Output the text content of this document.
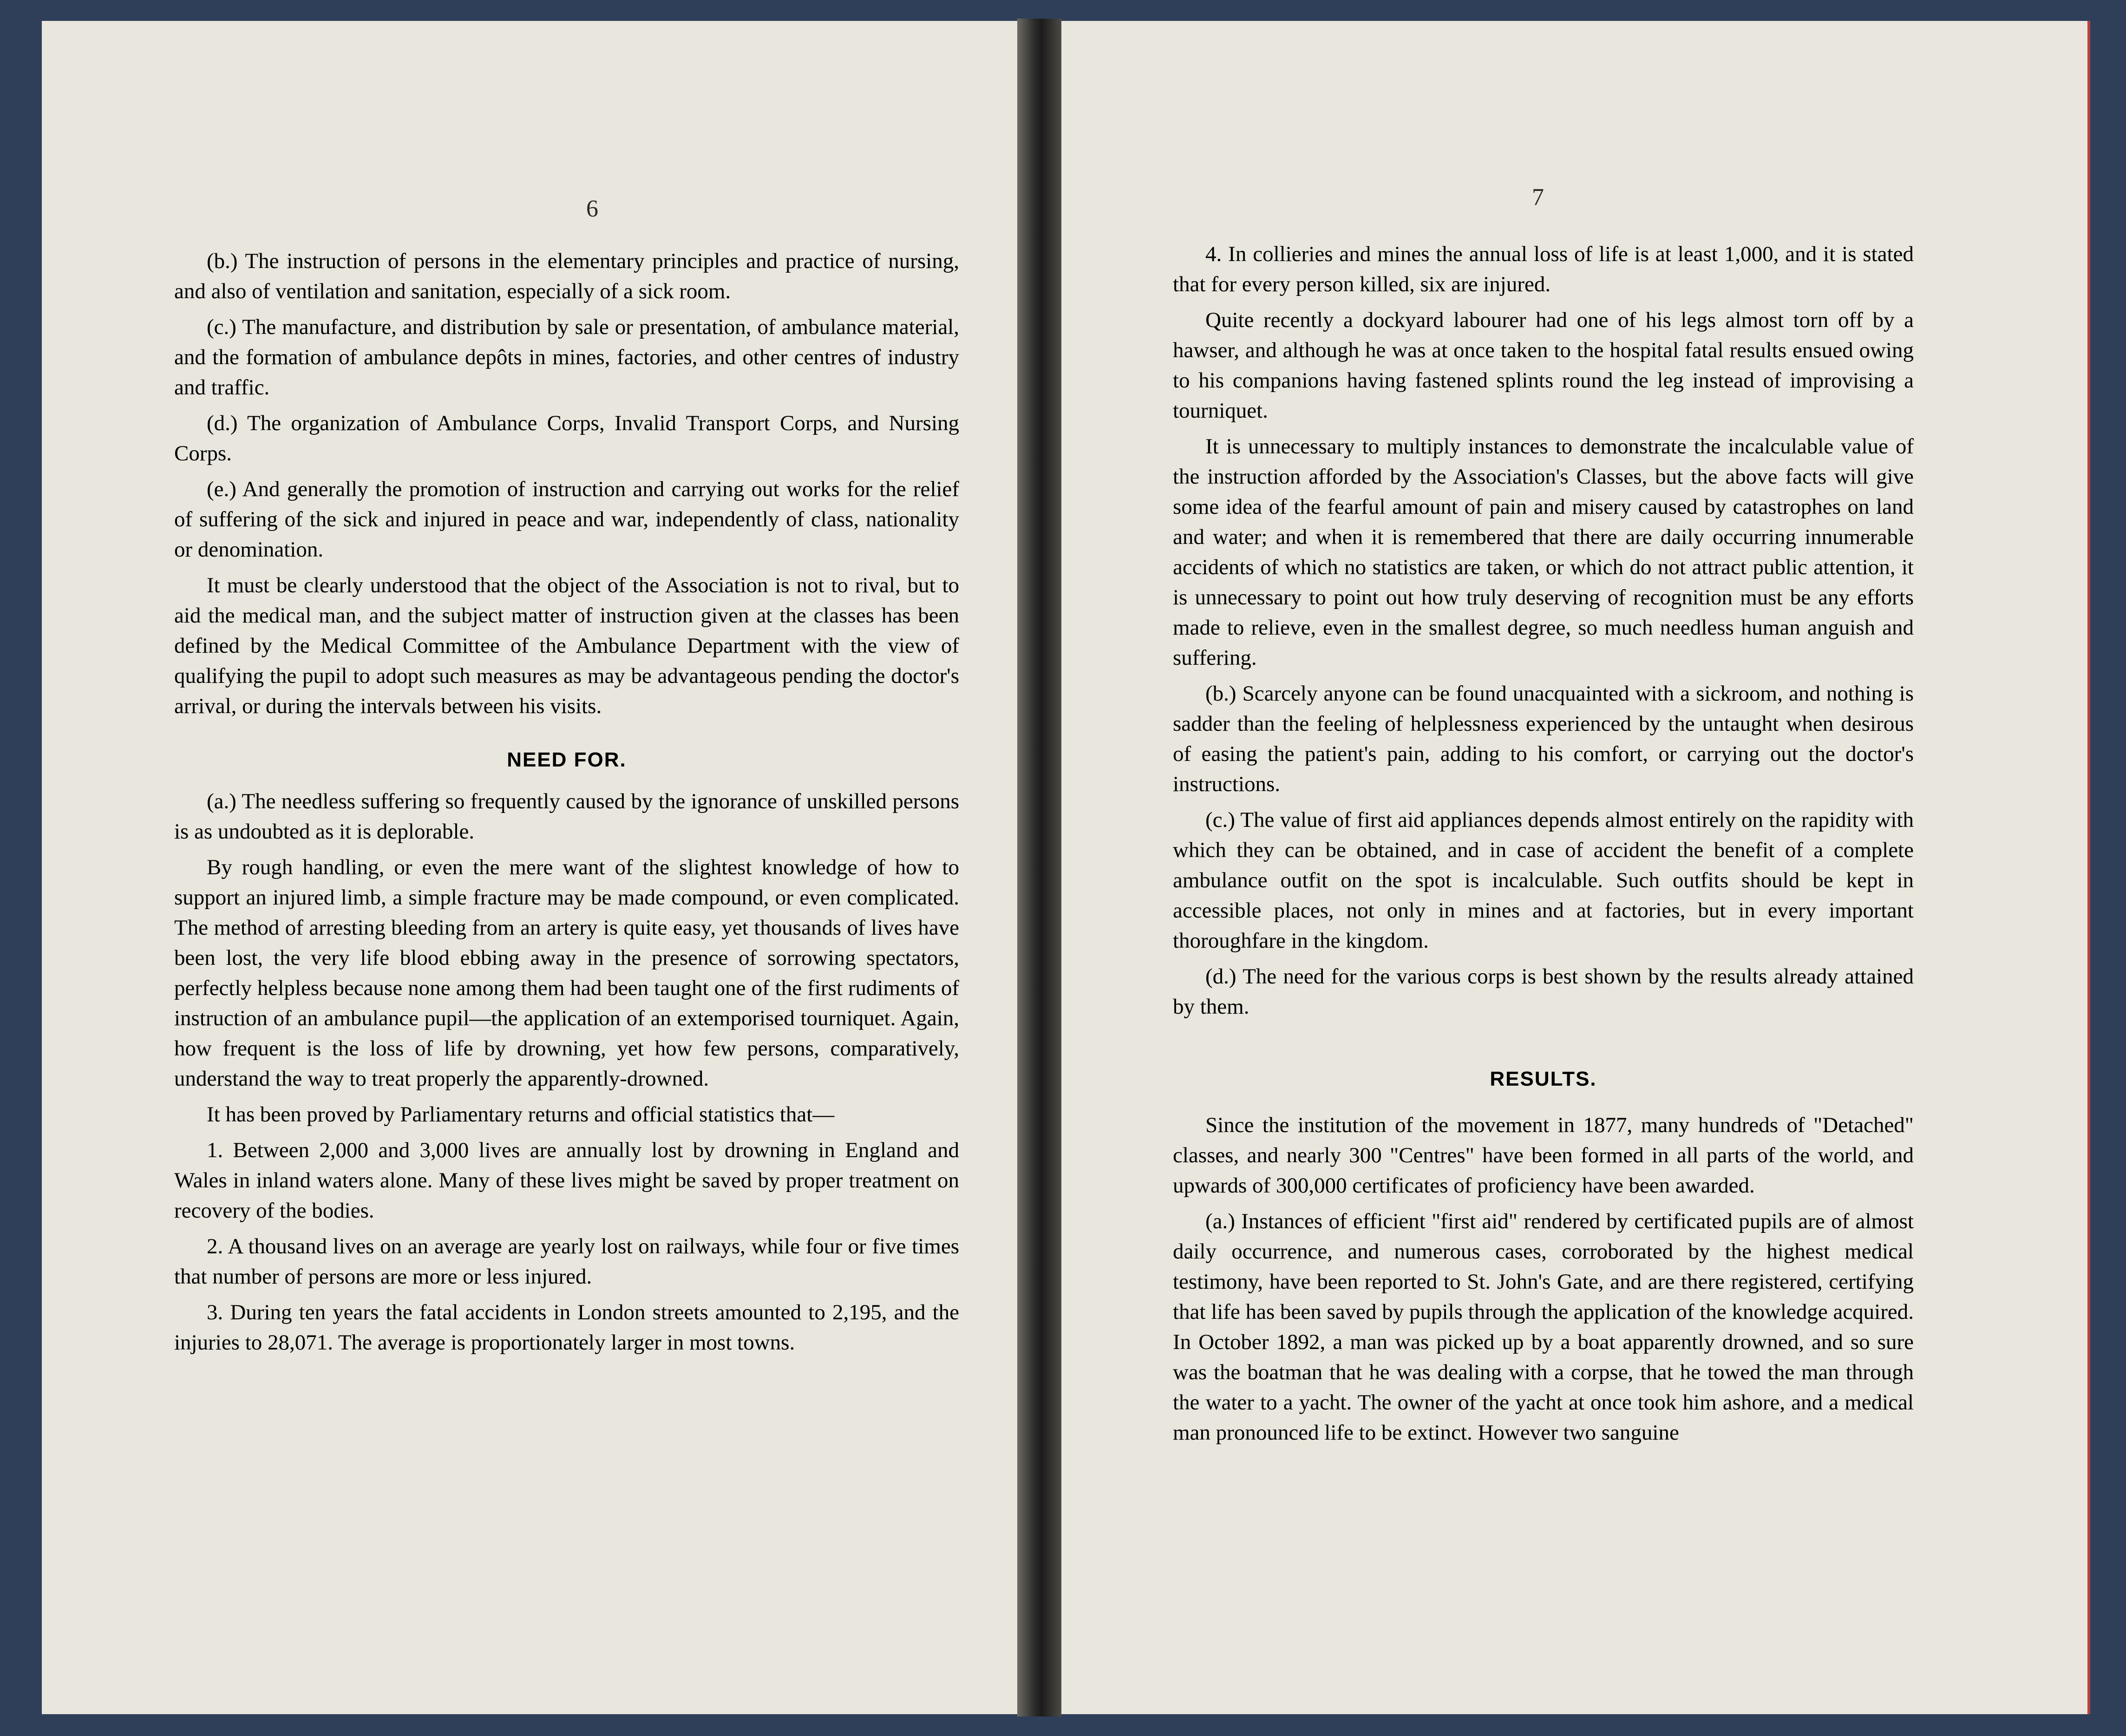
6	7

(b.) The instruction of persons in the elementary principles and practice of nursing, and also of ventilation and sanitation, especially of a sick room.

(c.) The manufacture, and distribution by sale or presentation, of ambulance material, and the formation of ambulance depôts in mines, factories, and other centres of industry and traffic.

(d.) The organization of Ambulance Corps, Invalid Transport Corps, and Nursing Corps.

(e.) And generally the promotion of instruction and carrying out works for the relief of suffering of the sick and injured in peace and war, independently of class, nationality or denomination.

It must be clearly understood that the object of the Association is not to rival, but to aid the medical man, and the subject matter of instruction given at the classes has been defined by the Medical Committee of the Ambulance Department with the view of qualifying the pupil to adopt such measures as may be advantageous pending the doctor's arrival, or during the intervals between his visits.

NEED FOR.

(a.) The needless suffering so frequently caused by the ignorance of unskilled persons is as undoubted as it is deplorable.

By rough handling, or even the mere want of the slightest knowledge of how to support an injured limb, a simple fracture may be made compound, or even complicated. The method of arresting bleeding from an artery is quite easy, yet thousands of lives have been lost, the very life blood ebbing away in the presence of sorrowing spectators, perfectly helpless because none among them had been taught one of the first rudiments of instruction of an ambulance pupil—the application of an extemporised tourniquet. Again, how frequent is the loss of life by drowning, yet how few persons, comparatively, understand the way to treat properly the apparently-drowned.

It has been proved by Parliamentary returns and official statistics that—

1. Between 2,000 and 3,000 lives are annually lost by drowning in England and Wales in inland waters alone. Many of these lives might be saved by proper treatment on recovery of the bodies.

2. A thousand lives on an average are yearly lost on railways, while four or five times that number of persons are more or less injured.

3. During ten years the fatal accidents in London streets amounted to 2,195, and the injuries to 28,071. The average is proportionately larger in most towns.

4. In collieries and mines the annual loss of life is at least 1,000, and it is stated that for every person killed, six are injured.

Quite recently a dockyard labourer had one of his legs almost torn off by a hawser, and although he was at once taken to the hospital fatal results ensued owing to his companions having fastened splints round the leg instead of improvising a tourniquet.

It is unnecessary to multiply instances to demonstrate the incalculable value of the instruction afforded by the Association's Classes, but the above facts will give some idea of the fearful amount of pain and misery caused by catastrophes on land and water; and when it is remembered that there are daily occurring innumerable accidents of which no statistics are taken, or which do not attract public attention, it is unnecessary to point out how truly deserving of recognition must be any efforts made to relieve, even in the smallest degree, so much needless human anguish and suffering.

(b.) Scarcely anyone can be found unacquainted with a sickroom, and nothing is sadder than the feeling of helplessness experienced by the untaught when desirous of easing the patient's pain, adding to his comfort, or carrying out the doctor's instructions.

(c.) The value of first aid appliances depends almost entirely on the rapidity with which they can be obtained, and in case of accident the benefit of a complete ambulance outfit on the spot is incalculable. Such outfits should be kept in accessible places, not only in mines and at factories, but in every important thoroughfare in the kingdom.

(d.) The need for the various corps is best shown by the results already attained by them.

RESULTS.

Since the institution of the movement in 1877, many hundreds of "Detached" classes, and nearly 300 "Centres" have been formed in all parts of the world, and upwards of 300,000 certificates of proficiency have been awarded.

(a.) Instances of efficient "first aid" rendered by certificated pupils are of almost daily occurrence, and numerous cases, corroborated by the highest medical testimony, have been reported to St. John's Gate, and are there registered, certifying that life has been saved by pupils through the application of the knowledge acquired. In October 1892, a man was picked up by a boat apparently drowned, and so sure was the boatman that he was dealing with a corpse, that he towed the man through the water to a yacht. The owner of the yacht at once took him ashore, and a medical man pronounced life to be extinct. However two sanguine
